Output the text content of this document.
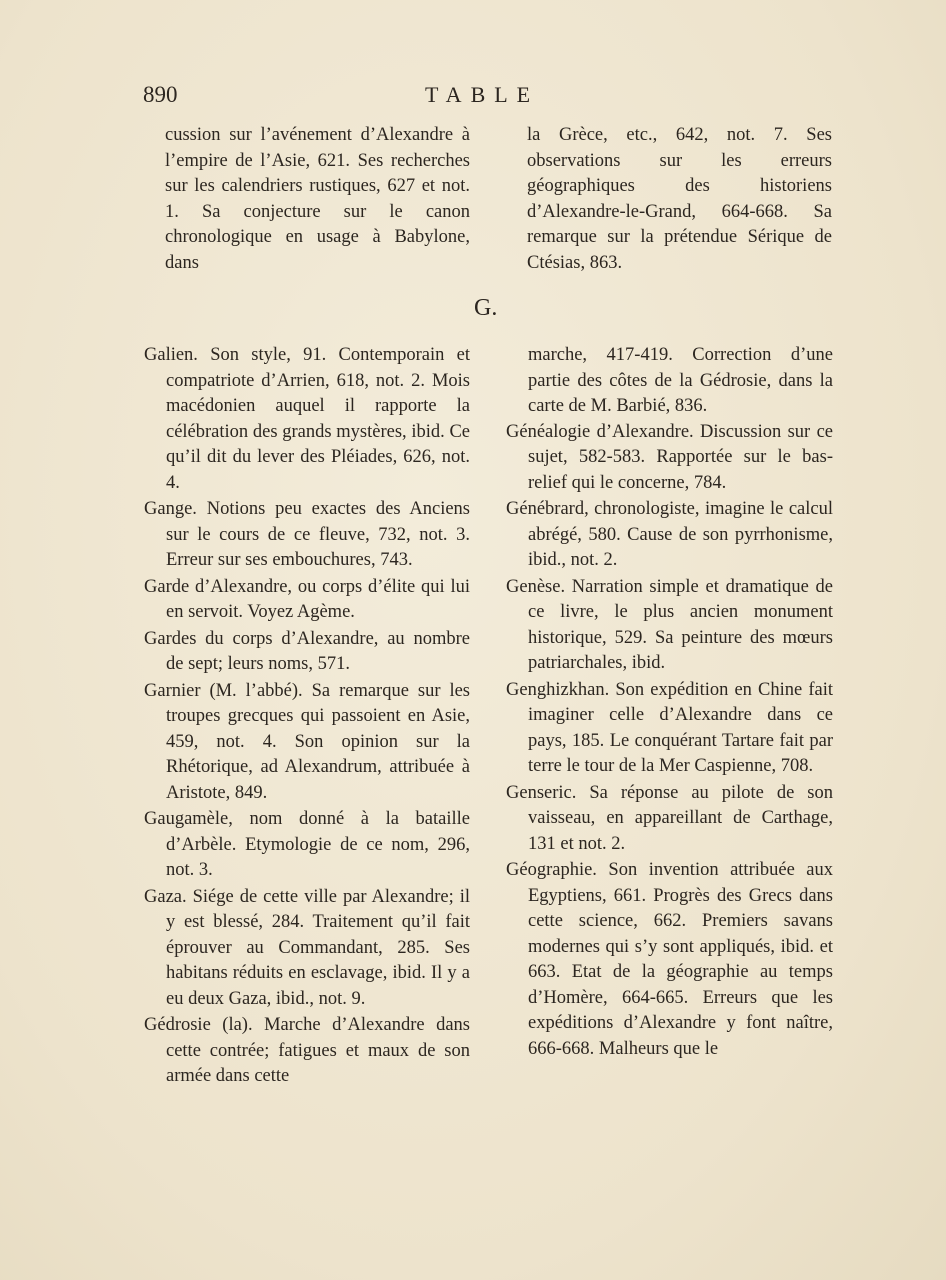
890	TABLE

cussion sur l’avénement d’Alexandre à l’empire de l’Asie, 621. Ses recherches sur les calendriers rustiques, 627 et not. 1. Sa conjecture sur le canon chronologique en usage à Babylone, dans

la Grèce, etc., 642, not. 7. Ses observations sur les erreurs géographiques des historiens d’Alexandre-le-Grand, 664-668. Sa remarque sur la prétendue Sérique de Ctésias, 863.

G.

Galien. Son style, 91. Contemporain et compatriote d’Arrien, 618, not. 2. Mois macédonien auquel il rapporte la célébration des grands mystères, ibid. Ce qu’il dit du lever des Pléiades, 626, not. 4.

Gange. Notions peu exactes des Anciens sur le cours de ce fleuve, 732, not. 3. Erreur sur ses embouchures, 743.

Garde d’Alexandre, ou corps d’élite qui lui en servoit. Voyez Agème.

Gardes du corps d’Alexandre, au nombre de sept; leurs noms, 571.

Garnier (M. l’abbé). Sa remarque sur les troupes grecques qui passoient en Asie, 459, not. 4. Son opinion sur la Rhétorique, ad Alexandrum, attribuée à Aristote, 849.

Gaugamèle, nom donné à la bataille d’Arbèle. Etymologie de ce nom, 296, not. 3.

Gaza. Siége de cette ville par Alexandre; il y est blessé, 284. Traitement qu’il fait éprouver au Commandant, 285. Ses habitans réduits en esclavage, ibid. Il y a eu deux Gaza, ibid., not. 9.

Gédrosie (la). Marche d’Alexandre dans cette contrée; fatigues et maux de son armée dans cette

marche, 417-419. Correction d’une partie des côtes de la Gédrosie, dans la carte de M. Barbié, 836.

Généalogie d’Alexandre. Discussion sur ce sujet, 582-583. Rapportée sur le bas-relief qui le concerne, 784.

Génébrard, chronologiste, imagine le calcul abrégé, 580. Cause de son pyrrhonisme, ibid., not. 2.

Genèse. Narration simple et dramatique de ce livre, le plus ancien monument historique, 529. Sa peinture des mœurs patriarchales, ibid.

Genghizkhan. Son expédition en Chine fait imaginer celle d’Alexandre dans ce pays, 185. Le conquérant Tartare fait par terre le tour de la Mer Caspienne, 708.

Genseric. Sa réponse au pilote de son vaisseau, en appareillant de Carthage, 131 et not. 2.

Géographie. Son invention attribuée aux Egyptiens, 661. Progrès des Grecs dans cette science, 662. Premiers savans modernes qui s’y sont appliqués, ibid. et 663. Etat de la géographie au temps d’Homère, 664-665. Erreurs que les expéditions d’Alexandre y font naître, 666-668. Malheurs que le
